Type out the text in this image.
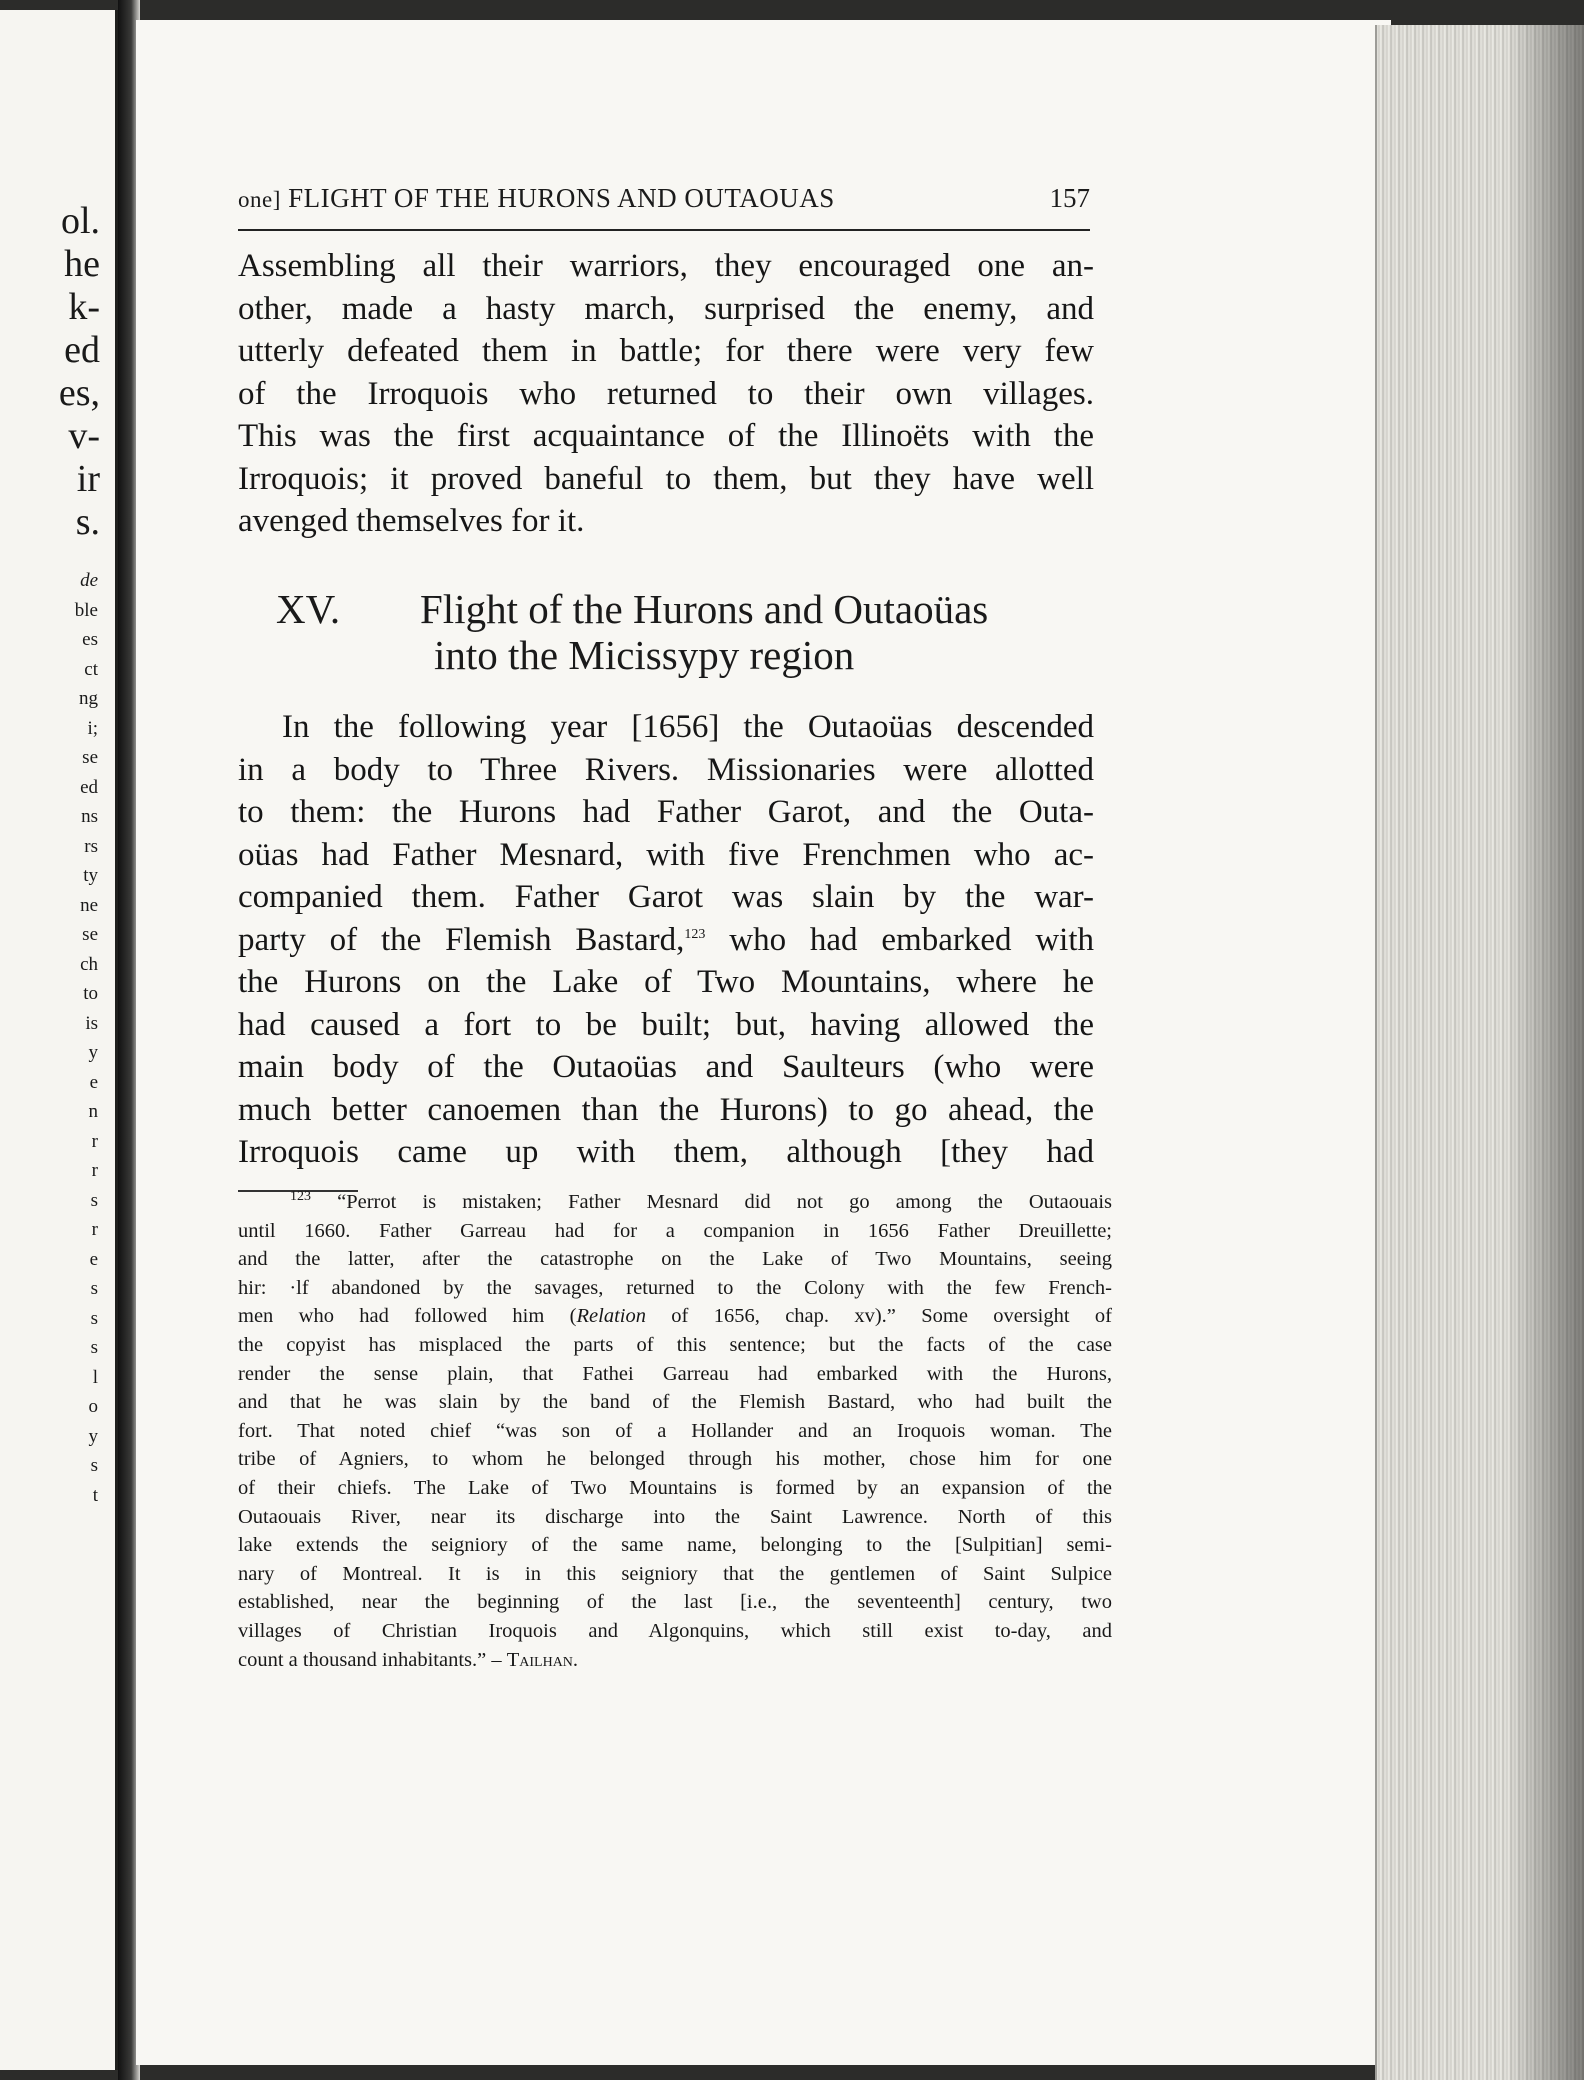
ol.
he
k-
ed
es,
v-
ir
s.
de
ble
es
ct
ng
i;
se
ed
ns
rs
ty
ne
se
ch
to
is
y
e
n
r
r
s
r
e
s
s
s
l
o
y
s
t
one] FLIGHT OF THE HURONS AND OUTAOUAS	157

Assembling all their warriors, they encouraged one an-
other, made a hasty march, surprised the enemy, and
utterly defeated them in battle; for there were very few
of the Irroquois who returned to their own villages.
This was the first acquaintance of the Illinoëts with the
Irroquois; it proved baneful to them, but they have well
avenged themselves for it.

XV.	Flight of the Hurons and Outaoüas
into the Micissypy region

In the following year [1656] the Outaoüas descended
in a body to Three Rivers. Missionaries were allotted
to them: the Hurons had Father Garot, and the Outa-
oüas had Father Mesnard, with five Frenchmen who ac-
companied them. Father Garot was slain by the war-
party of the Flemish Bastard,$^{123}$ who had embarked with
the Hurons on the Lake of Two Mountains, where he
had caused a fort to be built; but, having allowed the
main body of the Outaoüas and Saulteurs (who were
much better canoemen than the Hurons) to go ahead, the
Irroquois came up with them, although [they had

$^{123}$ “Perrot is mistaken; Father Mesnard did not go among the Outaouais
until 1660. Father Garreau had for a companion in 1656 Father Dreuillette;
and the latter, after the catastrophe on the Lake of Two Mountains, seeing
hir: ·lf abandoned by the savages, returned to the Colony with the few French-
men who had followed him (Relation of 1656, chap. xv).” Some oversight of
the copyist has misplaced the parts of this sentence; but the facts of the case
render the sense plain, that Fathei Garreau had embarked with the Hurons,
and that he was slain by the band of the Flemish Bastard, who had built the
fort. That noted chief “was son of a Hollander and an Iroquois woman. The
tribe of Agniers, to whom he belonged through his mother, chose him for one
of their chiefs. The Lake of Two Mountains is formed by an expansion of the
Outaouais River, near its discharge into the Saint Lawrence. North of this
lake extends the seigniory of the same name, belonging to the [Sulpitian] semi-
nary of Montreal. It is in this seigniory that the gentlemen of Saint Sulpice
established, near the beginning of the last [i.e., the seventeenth] century, two
villages of Christian Iroquois and Algonquins, which still exist to-day, and
count a thousand inhabitants.” – Tailhan.
